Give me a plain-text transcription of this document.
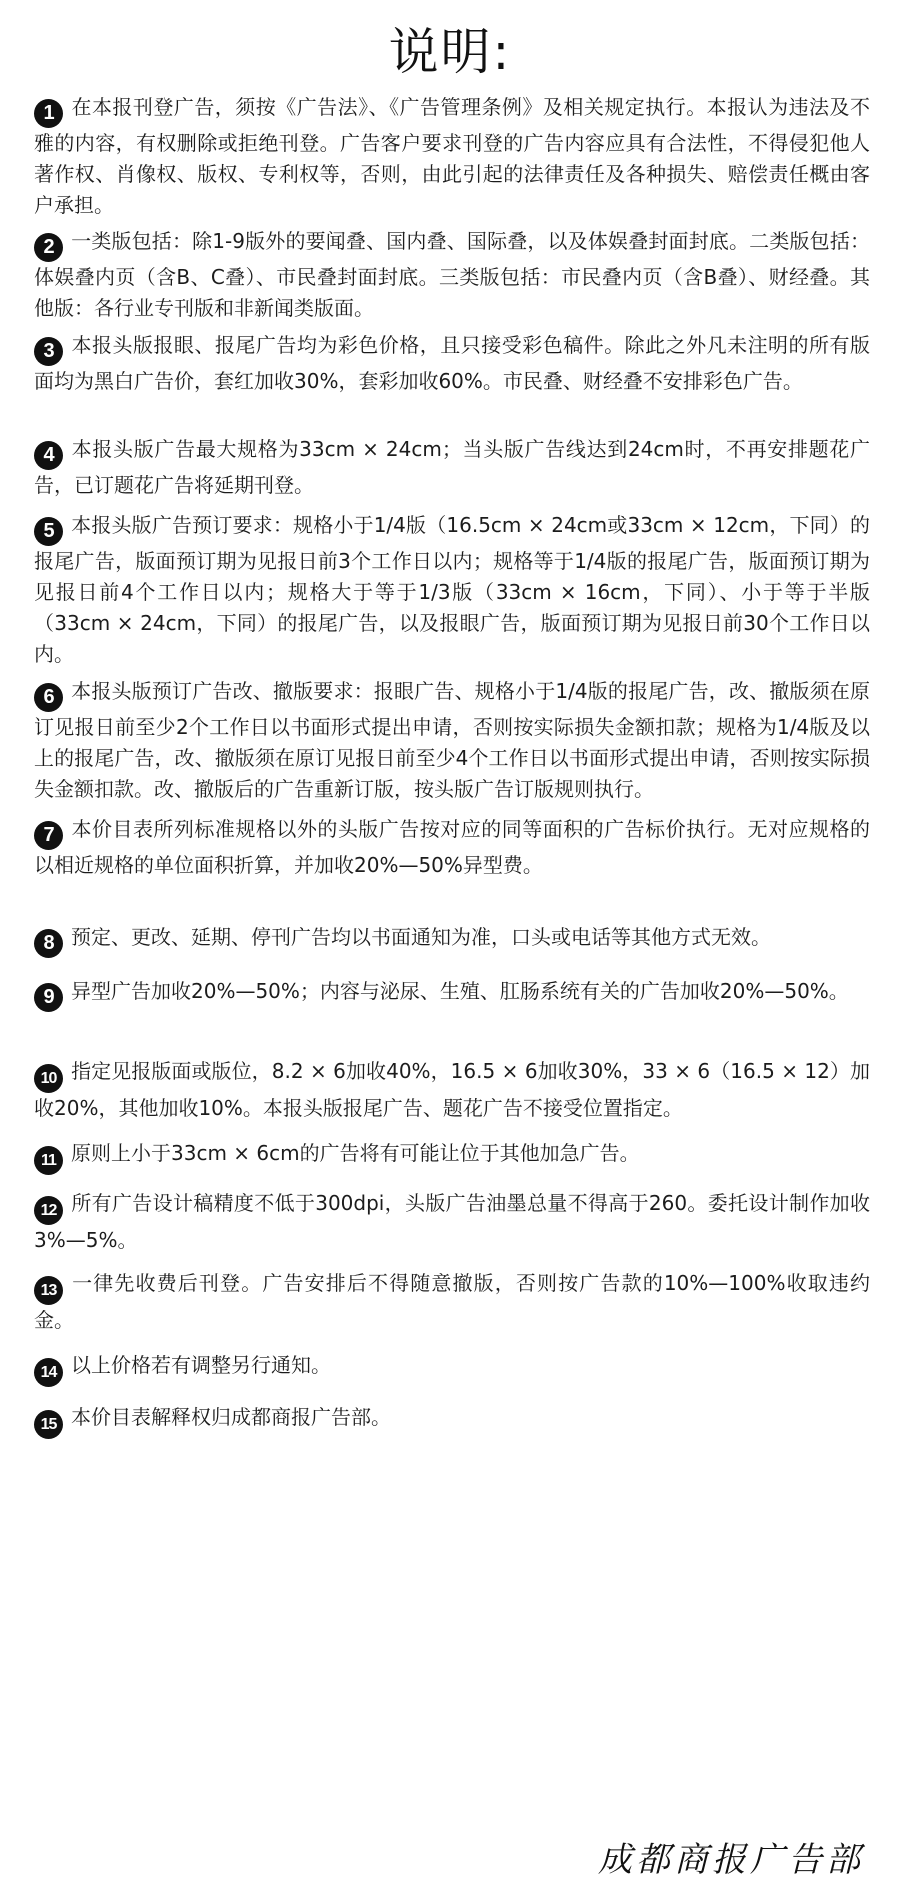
说明:
1 在本报刊登广告，须按《广告法》、《广告管理条例》及相关规定执行。本报认为违法及不雅的内容，有权删除或拒绝刊登。广告客户要求刊登的广告内容应具有合法性，不得侵犯他人著作权、肖像权、版权、专利权等，否则，由此引起的法律责任及各种损失、赔偿责任概由客户承担。
2 一类版包括：除1-9版外的要闻叠、国内叠、国际叠，以及体娱叠封面封底。二类版包括：体娱叠内页（含B、C叠）、市民叠封面封底。三类版包括：市民叠内页（含B叠）、财经叠。其他版：各行业专刊版和非新闻类版面。
3 本报头版报眼、报尾广告均为彩色价格，且只接受彩色稿件。除此之外凡未注明的所有版面均为黑白广告价，套红加收30%，套彩加收60%。市民叠、财经叠不安排彩色广告。
4 本报头版广告最大规格为33cm × 24cm；当头版广告线达到24cm时，不再安排题花广告，已订题花广告将延期刊登。
5 本报头版广告预订要求：规格小于1/4版（16.5cm × 24cm或33cm × 12cm，下同）的报尾广告，版面预订期为见报日前3个工作日以内；规格等于1/4版的报尾广告，版面预订期为见报日前4个工作日以内；规格大于等于1/3版（33cm × 16cm，下同）、小于等于半版（33cm × 24cm，下同）的报尾广告，以及报眼广告，版面预订期为见报日前30个工作日以内。
6 本报头版预订广告改、撤版要求：报眼广告、规格小于1/4版的报尾广告，改、撤版须在原订见报日前至少2个工作日以书面形式提出申请，否则按实际损失金额扣款；规格为1/4版及以上的报尾广告，改、撤版须在原订见报日前至少4个工作日以书面形式提出申请，否则按实际损失金额扣款。改、撤版后的广告重新订版，按头版广告订版规则执行。
7 本价目表所列标准规格以外的头版广告按对应的同等面积的广告标价执行。无对应规格的以相近规格的单位面积折算，并加收20%—50%异型费。
8 预定、更改、延期、停刊广告均以书面通知为准，口头或电话等其他方式无效。
9 异型广告加收20%—50%；内容与泌尿、生殖、肛肠系统有关的广告加收20%—50%。
10 指定见报版面或版位，8.2 × 6加收40%，16.5 × 6加收30%，33 × 6（16.5 × 12）加收20%，其他加收10%。本报头版报尾广告、题花广告不接受位置指定。
11 原则上小于33cm × 6cm的广告将有可能让位于其他加急广告。
12 所有广告设计稿精度不低于300dpi，头版广告油墨总量不得高于260。委托设计制作加收3%—5%。
13 一律先收费后刊登。广告安排后不得随意撤版，否则按广告款的10%—100%收取违约金。
14 以上价格若有调整另行通知。
15 本价目表解释权归成都商报广告部。
成都商报广告部
